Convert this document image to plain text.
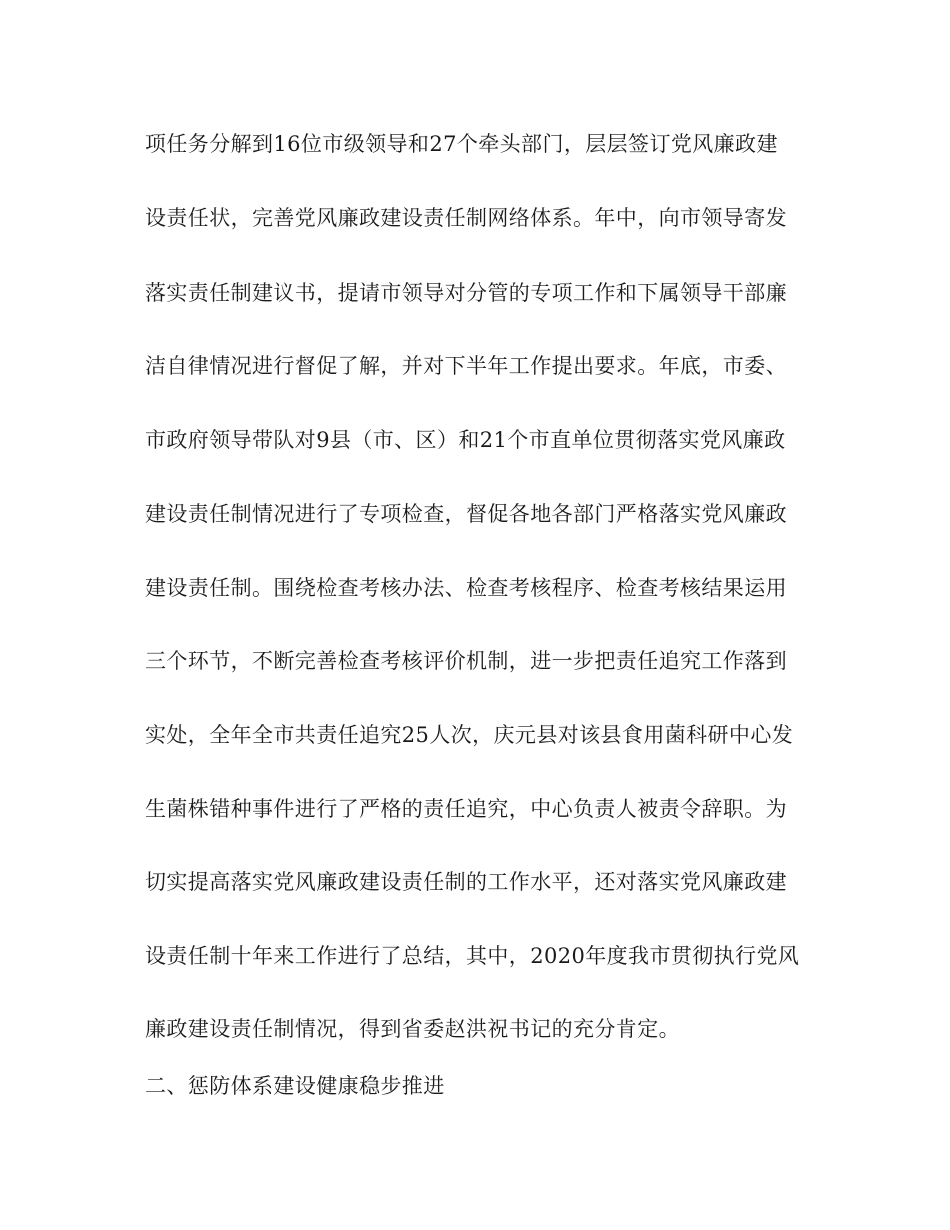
项任务分解到16位市级领导和27个牵头部门，层层签订党风廉政建
设责任状，完善党风廉政建设责任制网络体系。年中，向市领导寄发
落实责任制建议书，提请市领导对分管的专项工作和下属领导干部廉
洁自律情况进行督促了解，并对下半年工作提出要求。年底，市委、
市政府领导带队对9县（市、区）和21个市直单位贯彻落实党风廉政
建设责任制情况进行了专项检查，督促各地各部门严格落实党风廉政
建设责任制。围绕检查考核办法、检查考核程序、检查考核结果运用
三个环节，不断完善检查考核评价机制，进一步把责任追究工作落到
实处，全年全市共责任追究25人次，庆元县对该县食用菌科研中心发
生菌株错种事件进行了严格的责任追究，中心负责人被责令辞职。为
切实提高落实党风廉政建设责任制的工作水平，还对落实党风廉政建
设责任制十年来工作进行了总结，其中，2020年度我市贯彻执行党风
廉政建设责任制情况，得到省委赵洪祝书记的充分肯定。
二、惩防体系建设健康稳步推进
